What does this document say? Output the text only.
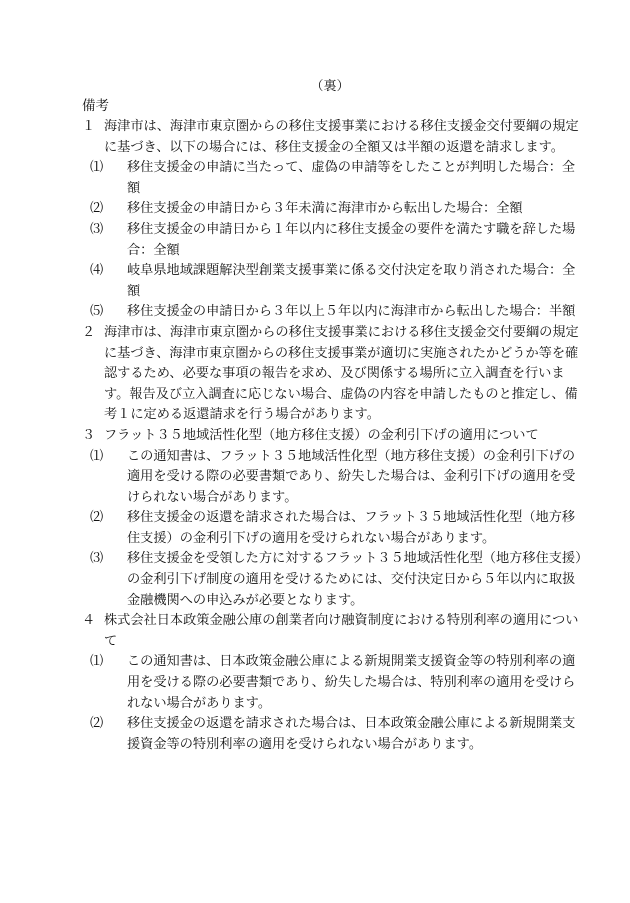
（裏）
備考
１ 海津市は、海津市東京圏からの移住支援事業における移住支援金交付要綱の規定に基づき、以下の場合には、移住支援金の全額又は半額の返還を請求します。
⑴	移住支援金の申請に当たって、虚偽の申請等をしたことが判明した場合：全額
⑵	移住支援金の申請日から３年未満に海津市から転出した場合：全額
⑶	移住支援金の申請日から１年以内に移住支援金の要件を満たす職を辞した場合：全額
⑷	岐阜県地域課題解決型創業支援事業に係る交付決定を取り消された場合：全額
⑸	移住支援金の申請日から３年以上５年以内に海津市から転出した場合：半額
２ 海津市は、海津市東京圏からの移住支援事業における移住支援金交付要綱の規定に基づき、海津市東京圏からの移住支援事業が適切に実施されたかどうか等を確認するため、必要な事項の報告を求め、及び関係する場所に立入調査を行います。報告及び立入調査に応じない場合、虚偽の内容を申請したものと推定し、備考１に定める返還請求を行う場合があります。
３ フラット３５地域活性化型（地方移住支援）の金利引下げの適用について
⑴	この通知書は、フラット３５地域活性化型（地方移住支援）の金利引下げの適用を受ける際の必要書類であり、紛失した場合は、金利引下げの適用を受けられない場合があります。
⑵	移住支援金の返還を請求された場合は、フラット３５地域活性化型（地方移住支援）の金利引下げの適用を受けられない場合があります。
⑶	移住支援金を受領した方に対するフラット３５地域活性化型（地方移住支援）の金利引下げ制度の適用を受けるためには、交付決定日から５年以内に取扱金融機関への申込みが必要となります。
４ 株式会社日本政策金融公庫の創業者向け融資制度における特別利率の適用について
⑴	この通知書は、日本政策金融公庫による新規開業支援資金等の特別利率の適用を受ける際の必要書類であり、紛失した場合は、特別利率の適用を受けられない場合があります。
⑵	移住支援金の返還を請求された場合は、日本政策金融公庫による新規開業支援資金等の特別利率の適用を受けられない場合があります。
